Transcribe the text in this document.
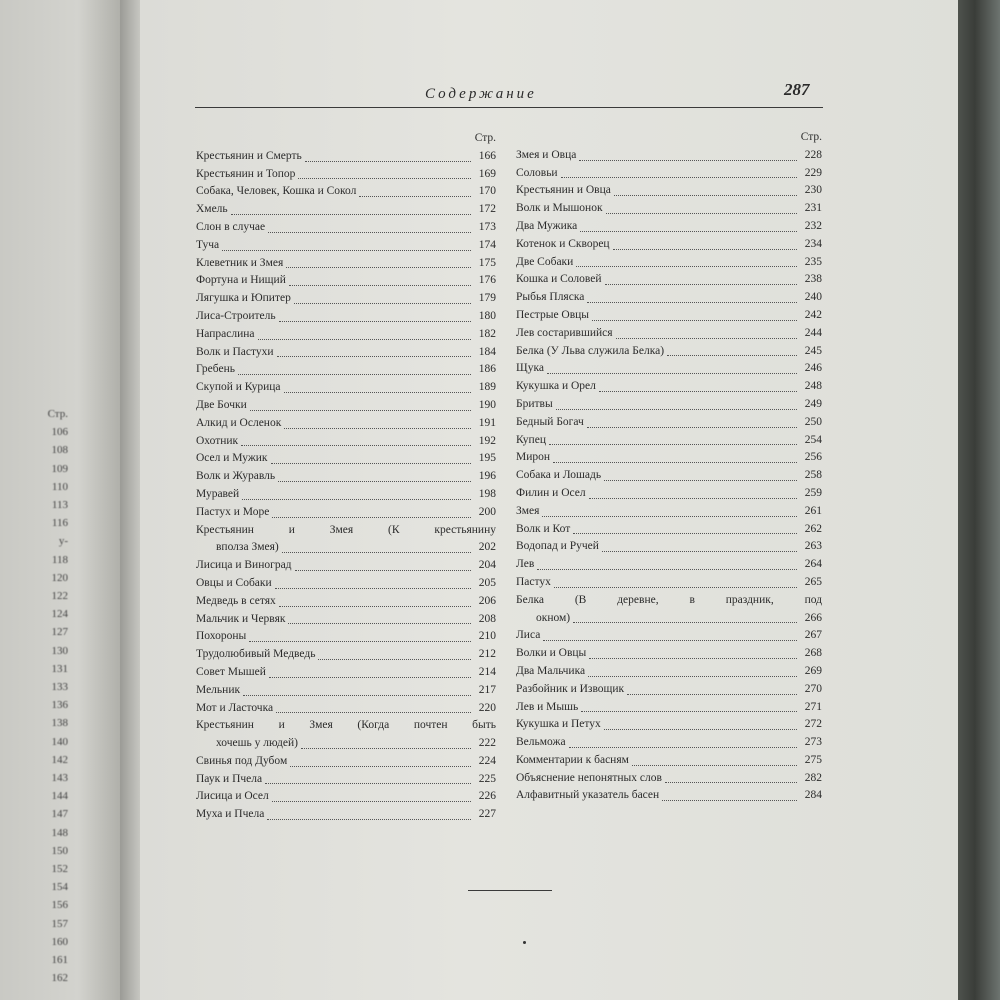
Стр.
106
108
109
110
113
116
у-
118
120
122
124
127
130
131
133
136
138
140
142
143
144
147
148
150
152
154
156
157
160
161
162
Содержание	287
Стр.
Крестьянин и Смерть	166
Крестьянин и Топор	169
Собака, Человек, Кошка и Сокол	170
Хмель	172
Слон в случае	173
Туча	174
Клеветник и Змея	175
Фортуна и Нищий	176
Лягушка и Юпитер	179
Лиса-Строитель	180
Напраслина	182
Волк и Пастухи	184
Гребень	186
Скупой и Курица	189
Две Бочки	190
Алкид и Осленок	191
Охотник	192
Осел и Мужик	195
Волк и Журавль	196
Муравей	198
Пастух и Море	200
Крестьянин и Змея (К крестьянину
вполза Змея)	202
Лисица и Виноград	204
Овцы и Собаки	205
Медведь в сетях	206
Мальчик и Червяк	208
Похороны	210
Трудолюбивый Медведь	212
Совет Мышей	214
Мельник	217
Мот и Ласточка	220
Крестьянин и Змея (Когда почтен быть
хочешь у людей)	222
Свинья под Дубом	224
Паук и Пчела	225
Лисица и Осел	226
Муха и Пчела	227
Стр.
Змея и Овца	228
Соловьи	229
Крестьянин и Овца	230
Волк и Мышонок	231
Два Мужика	232
Котенок и Скворец	234
Две Собаки	235
Кошка и Соловей	238
Рыбья Пляска	240
Пестрые Овцы	242
Лев состарившийся	244
Белка (У Льва служила Белка)	245
Щука	246
Кукушка и Орел	248
Бритвы	249
Бедный Богач	250
Купец	254
Мирон	256
Собака и Лошадь	258
Филин и Осел	259
Змея	261
Волк и Кот	262
Водопад и Ручей	263
Лев	264
Пастух	265
Белка (В деревне, в праздник, под
окном)	266
Лиса	267
Волки и Овцы	268
Два Мальчика	269
Разбойник и Извощик	270
Лев и Мышь	271
Кукушка и Петух	272
Вельможа	273
Комментарии к басням	275
Объяснение непонятных слов	282
Алфавитный указатель басен	284
